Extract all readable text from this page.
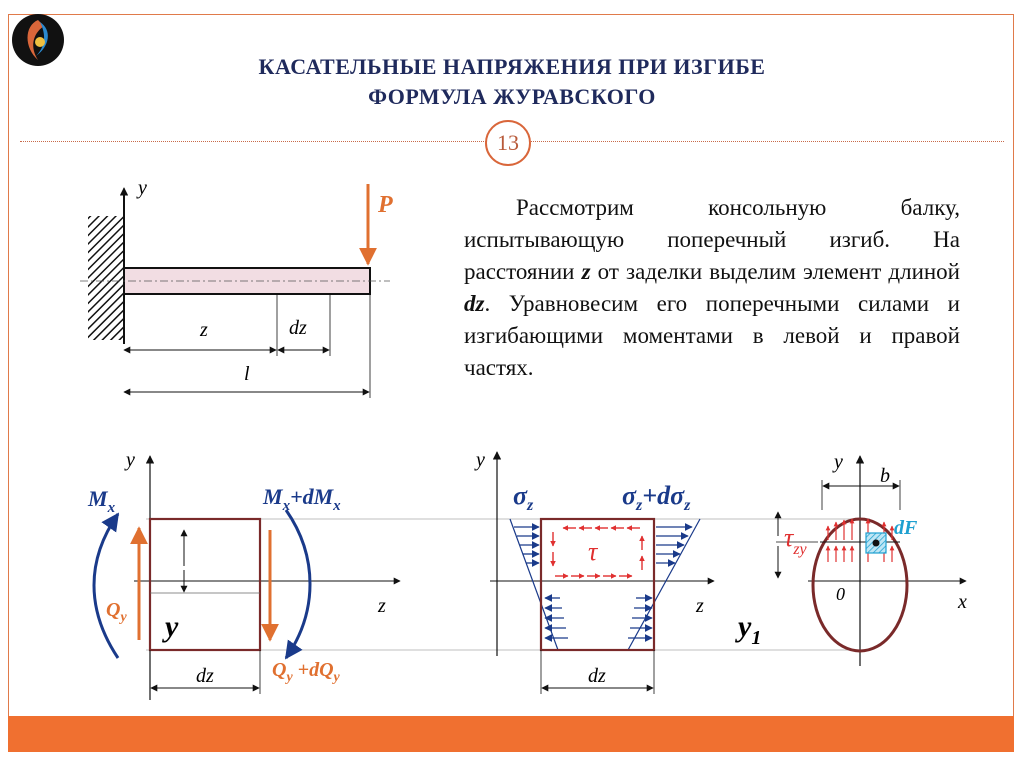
КАСАТЕЛЬНЫЕ НАПРЯЖЕНИЯ ПРИ ИЗГИБЕ
ФОРМУЛА ЖУРАВСКОГО
13

Рассмотрим консольную балку, испытывающую поперечный изгиб. На расстоянии z от заделки выделим элемент длиной dz. Уравновесим его поперечными силами и изгибающими моментами в левой и правой частях.

y
P
z	dz
l
y
z
y
$M_x$	$M_x+dM_x$
$Q_y$
$Q_y +dQ_y$
dz
y
z
τ
$\sigma_z$	$\sigma_z+d\sigma_z$
dz
$y_1$
y
x
0
dF
b
$\tau_{zy}$
